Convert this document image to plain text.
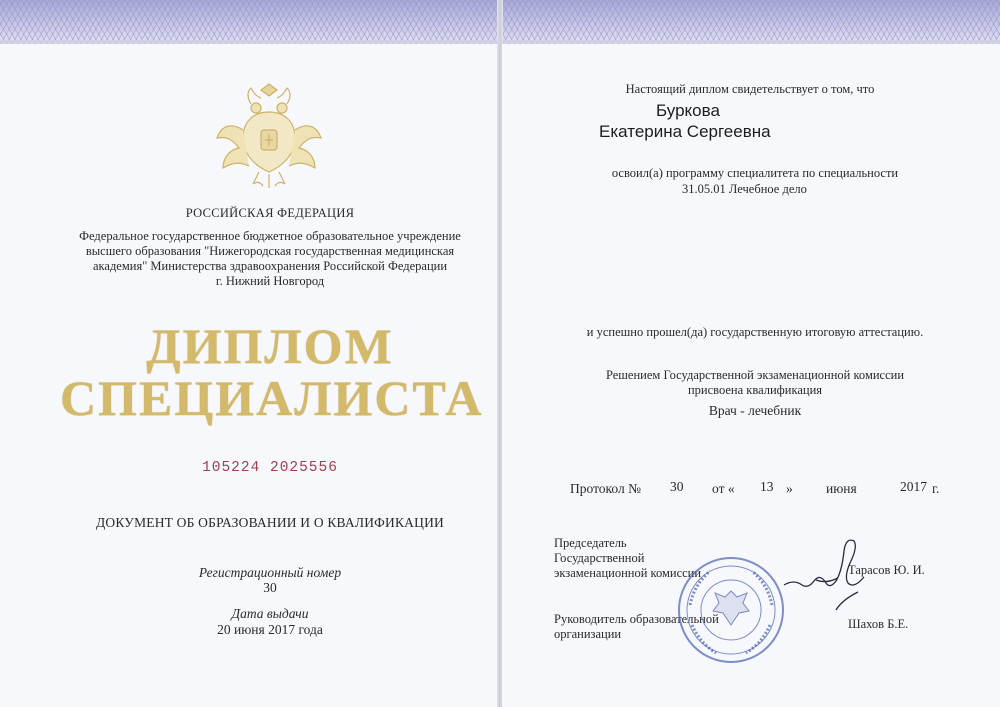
РОССИЙСКАЯ ФЕДЕРАЦИЯ
Федеральное государственное бюджетное образовательное учреждение
высшего образования "Нижегородская государственная медицинская
академия" Министерства здравоохранения Российской Федерации
г. Нижний Новгород
ДИПЛОМ
СПЕЦИАЛИСТА
105224 2025556
ДОКУМЕНТ ОБ ОБРАЗОВАНИИ И О КВАЛИФИКАЦИИ
Регистрационный номер
30
Дата выдачи
20 июня 2017 года
Настоящий диплом свидетельствует о том, что
Буркова
Екатерина Сергеевна
освоил(а) программу специалитета по специальности
31.05.01 Лечебное дело
и успешно прошел(да) государственную итоговую аттестацию.
Решением Государственной экзаменационной комиссии
присвоена квалификация
Врач - лечебник
Протокол № 30 от « 13 » июня	2017 г.
Председатель
Государственной
экзаменационной комиссии	Тарасов Ю. И.
Руководитель образовательной
организации
Шахов Б.Е.
